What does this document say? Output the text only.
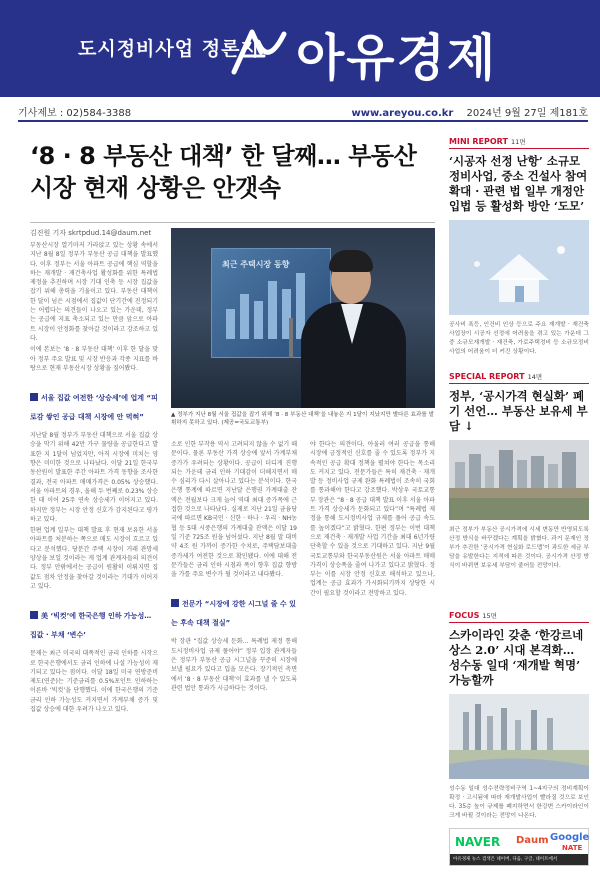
도시정비사업 정론지 아유경제
기사제보 : 02)584-3388	www.areyou.co.kr 2024년 9월 27일 제181호
‘8 · 8 부동산 대책’ 한 달째… 부동산시장 현재 상황은 안갯속
김진원 기자 skrtpdud.14@daum.net

부동산시장 열기마저 가라앉고 있는 상황 속에서 지난 8월 8일 정부가 부동산 공급 대책을 발표했다. 이후 정부는 서울 아파트 공급에 핵심 역할을 하는 재개발 · 재건축사업 활성화를 위한 특례법 제정을 추진하며 시장 기대 인축 등 시장 집값을 잡기 위해 총력을 기울이고 있다. 부동산 대책이 한 달이 넘은 시점에서 집값이 단기간에 진정되기는 어렵다는 의견들이 나오고 있는 가운데, 정부는 공급에 지표 축소되고 있는 만큼 앞으로 아파트 시장이 안정화를 찾아갈 것이라고 강조하고 있다.

이에 본보는 ‘8 · 8 부동산 대책’ 이후 한 달을 맞아 정부 주요 발표 및 시장 반응과 각종 지표를 바탕으로 현재 부동산시장 상황을 짚어봤다.

서울 집값 여전한 ‘상승세’에 업계 “피로감 쌓인 공급 대책 시장에 안 먹혀”

지난달 8월 정부가 부동산 대책으로 서울 집값 상승을 막기 위해 42만 가구 물량을 공급한다고 발표한 지 1달이 넘었지만, 아직 시장에 미치는 영향은 미미한 것으로 나타났다. 이달 21일 한국부동산원이 발표한 주간 아파트 가격 동향을 조사한 결과, 전국 아파트 매매가격은 0.05% 상승했다. 서울 아파트의 경우, 올해 두 번째로 0.23% 상승한 데 이어 25주 연속 상승세가 이어지고 있다. 하지만 정부는 시장 안정 신호가 감지된다고 평가하고 있다.

한편 업계 일부는 대책 발표 후 현재 보유한 서울 아파트를 처분하는 쪽으로 매도 시장이 흐르고 있다고 분석했다. 당분간 주택 시장이 거래 관망세 양상을 보일 것이라는 게 업계 관계자들의 의견이다. 정부 안팎에서는 공급이 원활히 이뤄지면 집값도 점차 안정을 찾아갈 것이라는 기대가 이어지고 있다.

美 ‘빅컷’에 한국은행 인하 가능성… 집값 · 부채 ‘변수’

문제는 최근 미국의 대폭적인 금리 인하를 시작으로 한국은행에서도 금리 인하에 나설 가능성이 제기되고 있다는 점이다. 이달 18일 미국 연방준비제도(연준)는 기준금리를 0.5%포인트 인하하는 이른바 ‘빅컷’을 단행했다. 이에 한국은행의 기준금리 인하 가능성도 커지면서 가계부채 증가 및 집값 상승에 대한 우려가 나오고 있다.

최근 주택시장 동향
▲ 정부가 지난 8월 서울 집값을 잡기 위해 ‘8 · 8 부동산 대책’을 내놓은 지 1달이 지났지만 별다른 효과를 발휘하지 못하고 있다. (제공=국토교통부)

소로 인한 부작용 역시 고려되지 않을 수 없기 때문이다. 물론 부동산 가격 상승에 앞서 가계부채 증가가 우려되는 상황이다. 공급이 더디게 진행되는 가운데 금리 인하 기대감이 더해지면서 매수 심리가 다시 살아나고 있다는 분석이다. 한국은행 통계에 따르면 지난달 은행권 가계대출 잔액은 전월보다 크게 늘어 역대 최대 증가폭에 근접한 것으로 나타났다. 실제로 지난 21일 금융당국에 따르면 KB국민 · 신한 · 하나 · 우리 · NH농협 등 5대 시중은행의 가계대출 잔액은 이달 19일 기준 725조 원을 넘어섰다. 지난 8월 말 대비 약 4조 원 가까이 증가한 수치로, 주택담보대출 증가세가 여전한 것으로 확인됐다. 이에 대해 전문가들은 금리 인하 시점과 폭이 향후 집값 향방을 가를 주요 변수가 될 것이라고 내다봤다.

전문가 “시장에 강한 시그널 줄 수 있는 후속 대책 절실”

박 장관 “집값 상승세 둔화… 특례법 제정 통해 도시정비사업 규제 풀어야” 정부 입장 관계자들은 정부가 부동산 공급 시그널을 꾸준히 시장에 보낼 필요가 있다고 입을 모은다. 장기적인 측면에서 ‘8 · 8 부동산 대책’이 효과를 낼 수 있도록 관련 법안 통과가 시급하다는 것이다.

야 한다는 의견이다. 아울러 여러 공급을 통해 시장에 긍정적인 신호를 줄 수 있도록 정부가 지속적인 공급 확대 정책을 펼쳐야 한다는 목소리도 커지고 있다. 전문가들은 특히 재건축 · 재개발 등 정비사업 규제 완화 특례법이 조속히 국회를 통과해야 한다고 강조했다. 박상우 국토교통부 장관은 “8 · 8 공급 대책 발표 이후 서울 아파트 가격 상승세가 둔화되고 있다”며 “특례법 제정을 통해 도시정비사업 규제를 풀어 공급 속도를 높이겠다”고 밝혔다. 한편 정부는 이번 대책으로 재건축 · 재개발 사업 기간을 최대 6년가량 단축할 수 있을 것으로 기대하고 있다. 지난 9월 국토교통부와 한국부동산원은 서울 아파트 매매 가격이 상승폭을 줄여 나가고 있다고 밝혔다. 정부는 이를 시장 안정 신호로 해석하고 있으나, 업계는 공급 효과가 가시화되기까지 상당한 시간이 필요할 것이라고 전망하고 있다.

MINI REPORT 11면
‘시공자 선정 난항’ 소규모정비사업, 중소 건설사 참여 확대 · 관련 법 일부 개정안 입법 등 활성화 방안 ‘도모’
공사비 폭등, 인건비 인상 등으로 주요 재개발 · 재건축 사업장이 시공자 선정에 어려움을 겪고 있는 가운데 그중 소규모재개발 · 재건축, 가로주택정비 등 소규모정비사업의 어려움이 더 커진 상황이다.
SPECIAL REPORT 14면
정부, ‘공시가격 현실화’ 폐기 선언… 부동산 보유세 부담 ↓
최근 정부가 부동산 공시가격에 시세 변동만 반영되도록 산정 방식을 바꾸겠다는 계획을 밝혔다. 과거 문재인 정부가 추진한 ‘공시가격 현실화 로드맵’이 과도한 세금 부담을 유발한다는 지적에 따른 것이다. 공시가격 산정 방식이 바뀌면 보유세 부담이 줄어들 전망이다.
FOCUS 15면
스카이라인 갖춘 ‘한강르네상스 2.0’ 시대 본격화… 성수동 일대 ‘재개발 혁명’ 가능할까
성수동 일대 성수전략정비구역 1~4지구의 정비계획이 확정 · 고시됨에 따라 재개발사업이 빨라질 것으로 보인다. 35층 높이 규제를 폐지하면서 한강변 스카이라인이 크게 바뀔 것이라는 전망이 나온다.
NAVER Daum Google
NATE
아유경제 뉴스 검색은 네이버, 다음, 구글, 네이트에서
